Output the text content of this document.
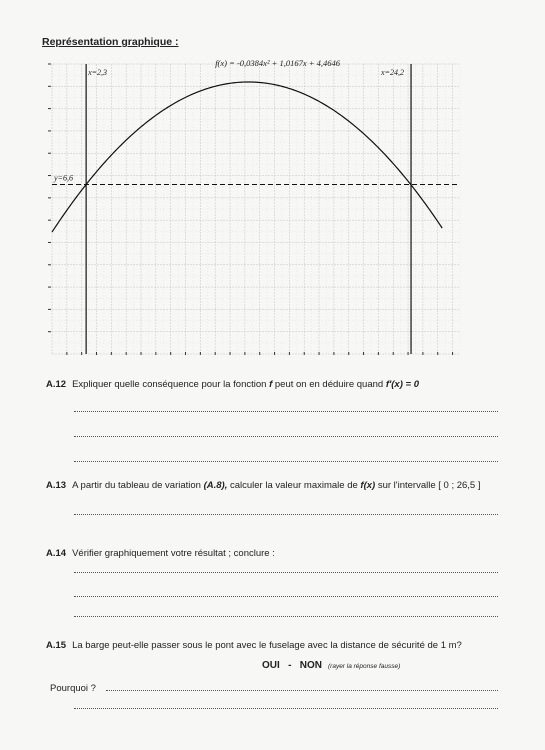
Représentation graphique :
f(x) = -0,0384x² + 1,0167x + 4,4646
y=6,6
x=2,3	x=24,2
A.12 Expliquer quelle conséquence pour la fonction f peut on en déduire quand f'(x) = 0
A.13 A partir du tableau de variation (A.8), calculer la valeur maximale de f(x) sur l'intervalle [ 0 ; 26,5 ]
A.14 Vérifier graphiquement votre résultat ; conclure :
A.15 La barge peut-elle passer sous le pont avec le fuselage avec la distance de sécurité de 1 m?
OUI   -   NON (rayer la réponse fausse)
Pourquoi ?
